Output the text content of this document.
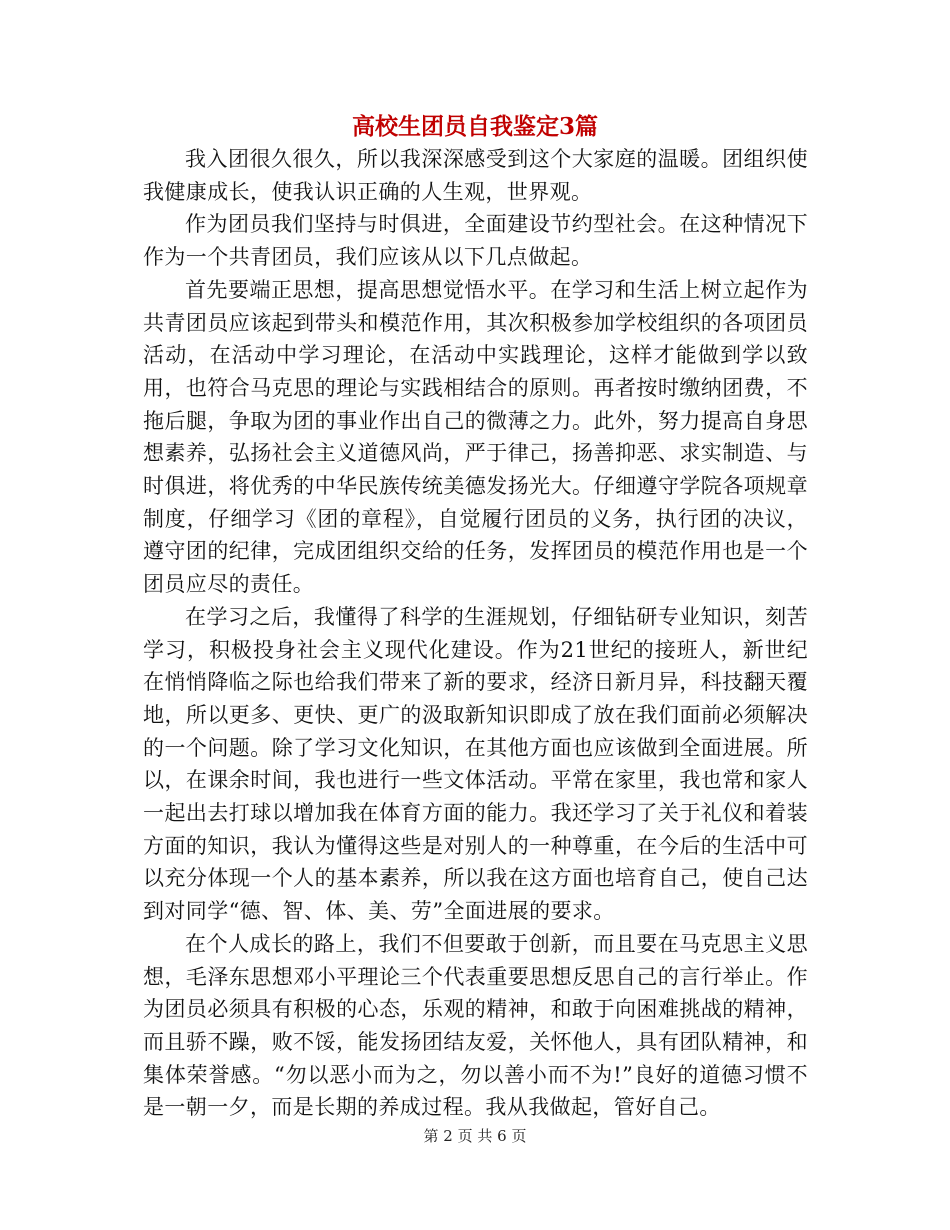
高校生团员自我鉴定3篇

我入团很久很久，所以我深深感受到这个大家庭的温暖。团组织使我健康成长，使我认识正确的人生观，世界观。

作为团员我们坚持与时俱进，全面建设节约型社会。在这种情况下作为一个共青团员，我们应该从以下几点做起。

首先要端正思想，提高思想觉悟水平。在学习和生活上树立起作为共青团员应该起到带头和模范作用，其次积极参加学校组织的各项团员活动，在活动中学习理论，在活动中实践理论，这样才能做到学以致用，也符合马克思的理论与实践相结合的原则。再者按时缴纳团费，不拖后腿，争取为团的事业作出自己的微薄之力。此外，努力提高自身思想素养，弘扬社会主义道德风尚，严于律己，扬善抑恶、求实制造、与时俱进，将优秀的中华民族传统美德发扬光大。仔细遵守学院各项规章制度，仔细学习《团的章程》，自觉履行团员的义务，执行团的决议，遵守团的纪律，完成团组织交给的任务，发挥团员的模范作用也是一个团员应尽的责任。

在学习之后，我懂得了科学的生涯规划，仔细钻研专业知识，刻苦学习，积极投身社会主义现代化建设。作为21世纪的接班人，新世纪在悄悄降临之际也给我们带来了新的要求，经济日新月异，科技翻天覆地，所以更多、更快、更广的汲取新知识即成了放在我们面前必须解决的一个问题。除了学习文化知识，在其他方面也应该做到全面进展。所以，在课余时间，我也进行一些文体活动。平常在家里，我也常和家人一起出去打球以增加我在体育方面的能力。我还学习了关于礼仪和着装方面的知识，我认为懂得这些是对别人的一种尊重，在今后的生活中可以充分体现一个人的基本素养，所以我在这方面也培育自己，使自己达到对同学“德、智、体、美、劳”全面进展的要求。

在个人成长的路上，我们不但要敢于创新，而且要在马克思主义思想，毛泽东思想邓小平理论三个代表重要思想反思自己的言行举止。作为团员必须具有积极的心态，乐观的精神，和敢于向困难挑战的精神，而且骄不躁，败不馁，能发扬团结友爱，关怀他人，具有团队精神，和集体荣誉感。“勿以恶小而为之，勿以善小而不为!”良好的道德习惯不是一朝一夕，而是长期的养成过程。我从我做起，管好自己。

第 2 页 共 6 页
